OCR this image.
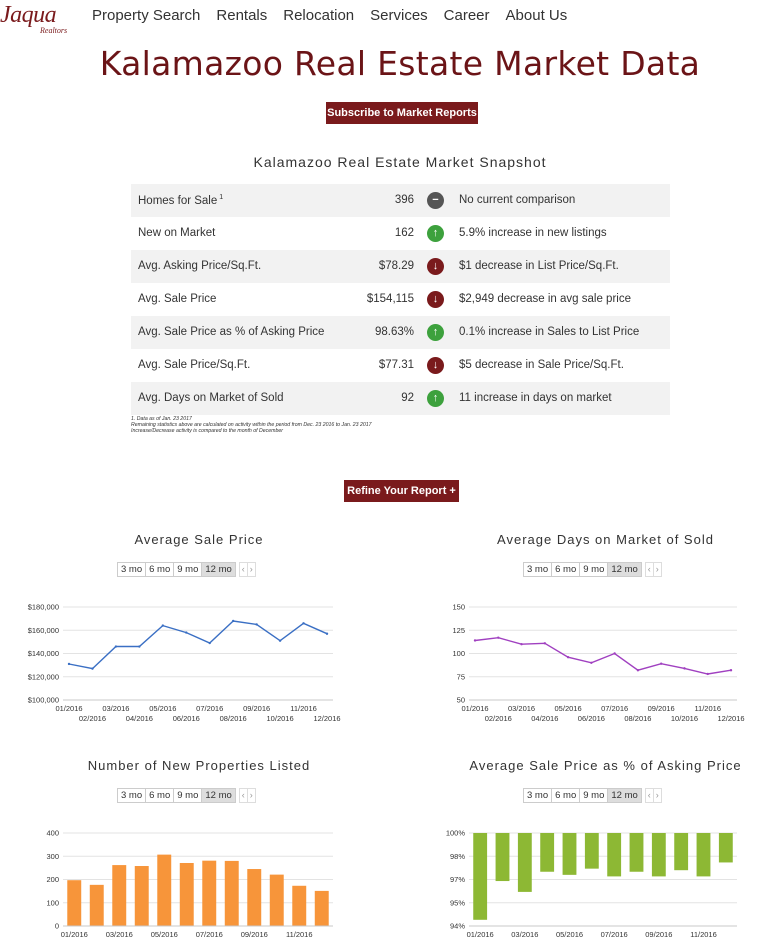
Jaqua
Realtors
Property Search Rentals Relocation Services Career About Us
Kalamazoo Real Estate Market Data
Subscribe to Market Reports
Kalamazoo Real Estate Market Snapshot
Homes for Sale $^1$	396	−	No current comparison
New on Market	162	↑	5.9% increase in new listings
Avg. Asking Price/Sq.Ft.	$78.29	↓	$1 decrease in List Price/Sq.Ft.
Avg. Sale Price	$154,115	↓	$2,949 decrease in avg sale price
Avg. Sale Price as % of Asking Price	98.63%	↑	0.1% increase in Sales to List Price
Avg. Sale Price/Sq.Ft.	$77.31	↓	$5 decrease in Sale Price/Sq.Ft.
Avg. Days on Market of Sold	92	↑	11 increase in days on market
1. Data as of Jan. 23 2017
Remaining statistics above are calculated on activity within the period from Dec. 23 2016 to Jan. 23 2017
Increase/Decrease activity is compared to the month of December
Refine Your Report +
Average Sale Price
3 mo 6 mo 9 mo 12 mo	‹ ›
$100,000
$120,000
$140,000
$160,000
$180,000
01/2016
02/2016
03/2016
04/2016
05/2016
06/2016
07/2016
08/2016
09/2016
10/2016
11/2016
12/2016
Average Days on Market of Sold
3 mo 6 mo 9 mo 12 mo	‹ ›
50
75
100
125
150
01/2016
02/2016
03/2016
04/2016
05/2016
06/2016
07/2016
08/2016
09/2016
10/2016
11/2016
12/2016
Number of New Properties Listed
3 mo 6 mo 9 mo 12 mo	‹ ›
0
100
200
300
400
01/2016 03/2016 05/2016 07/2016 09/2016 11/2016
Average Sale Price as % of Asking Price
3 mo 6 mo 9 mo 12 mo	‹ ›
94%
95%
97%
98%
100%
01/2016 03/2016 05/2016 07/2016 09/2016 11/2016
